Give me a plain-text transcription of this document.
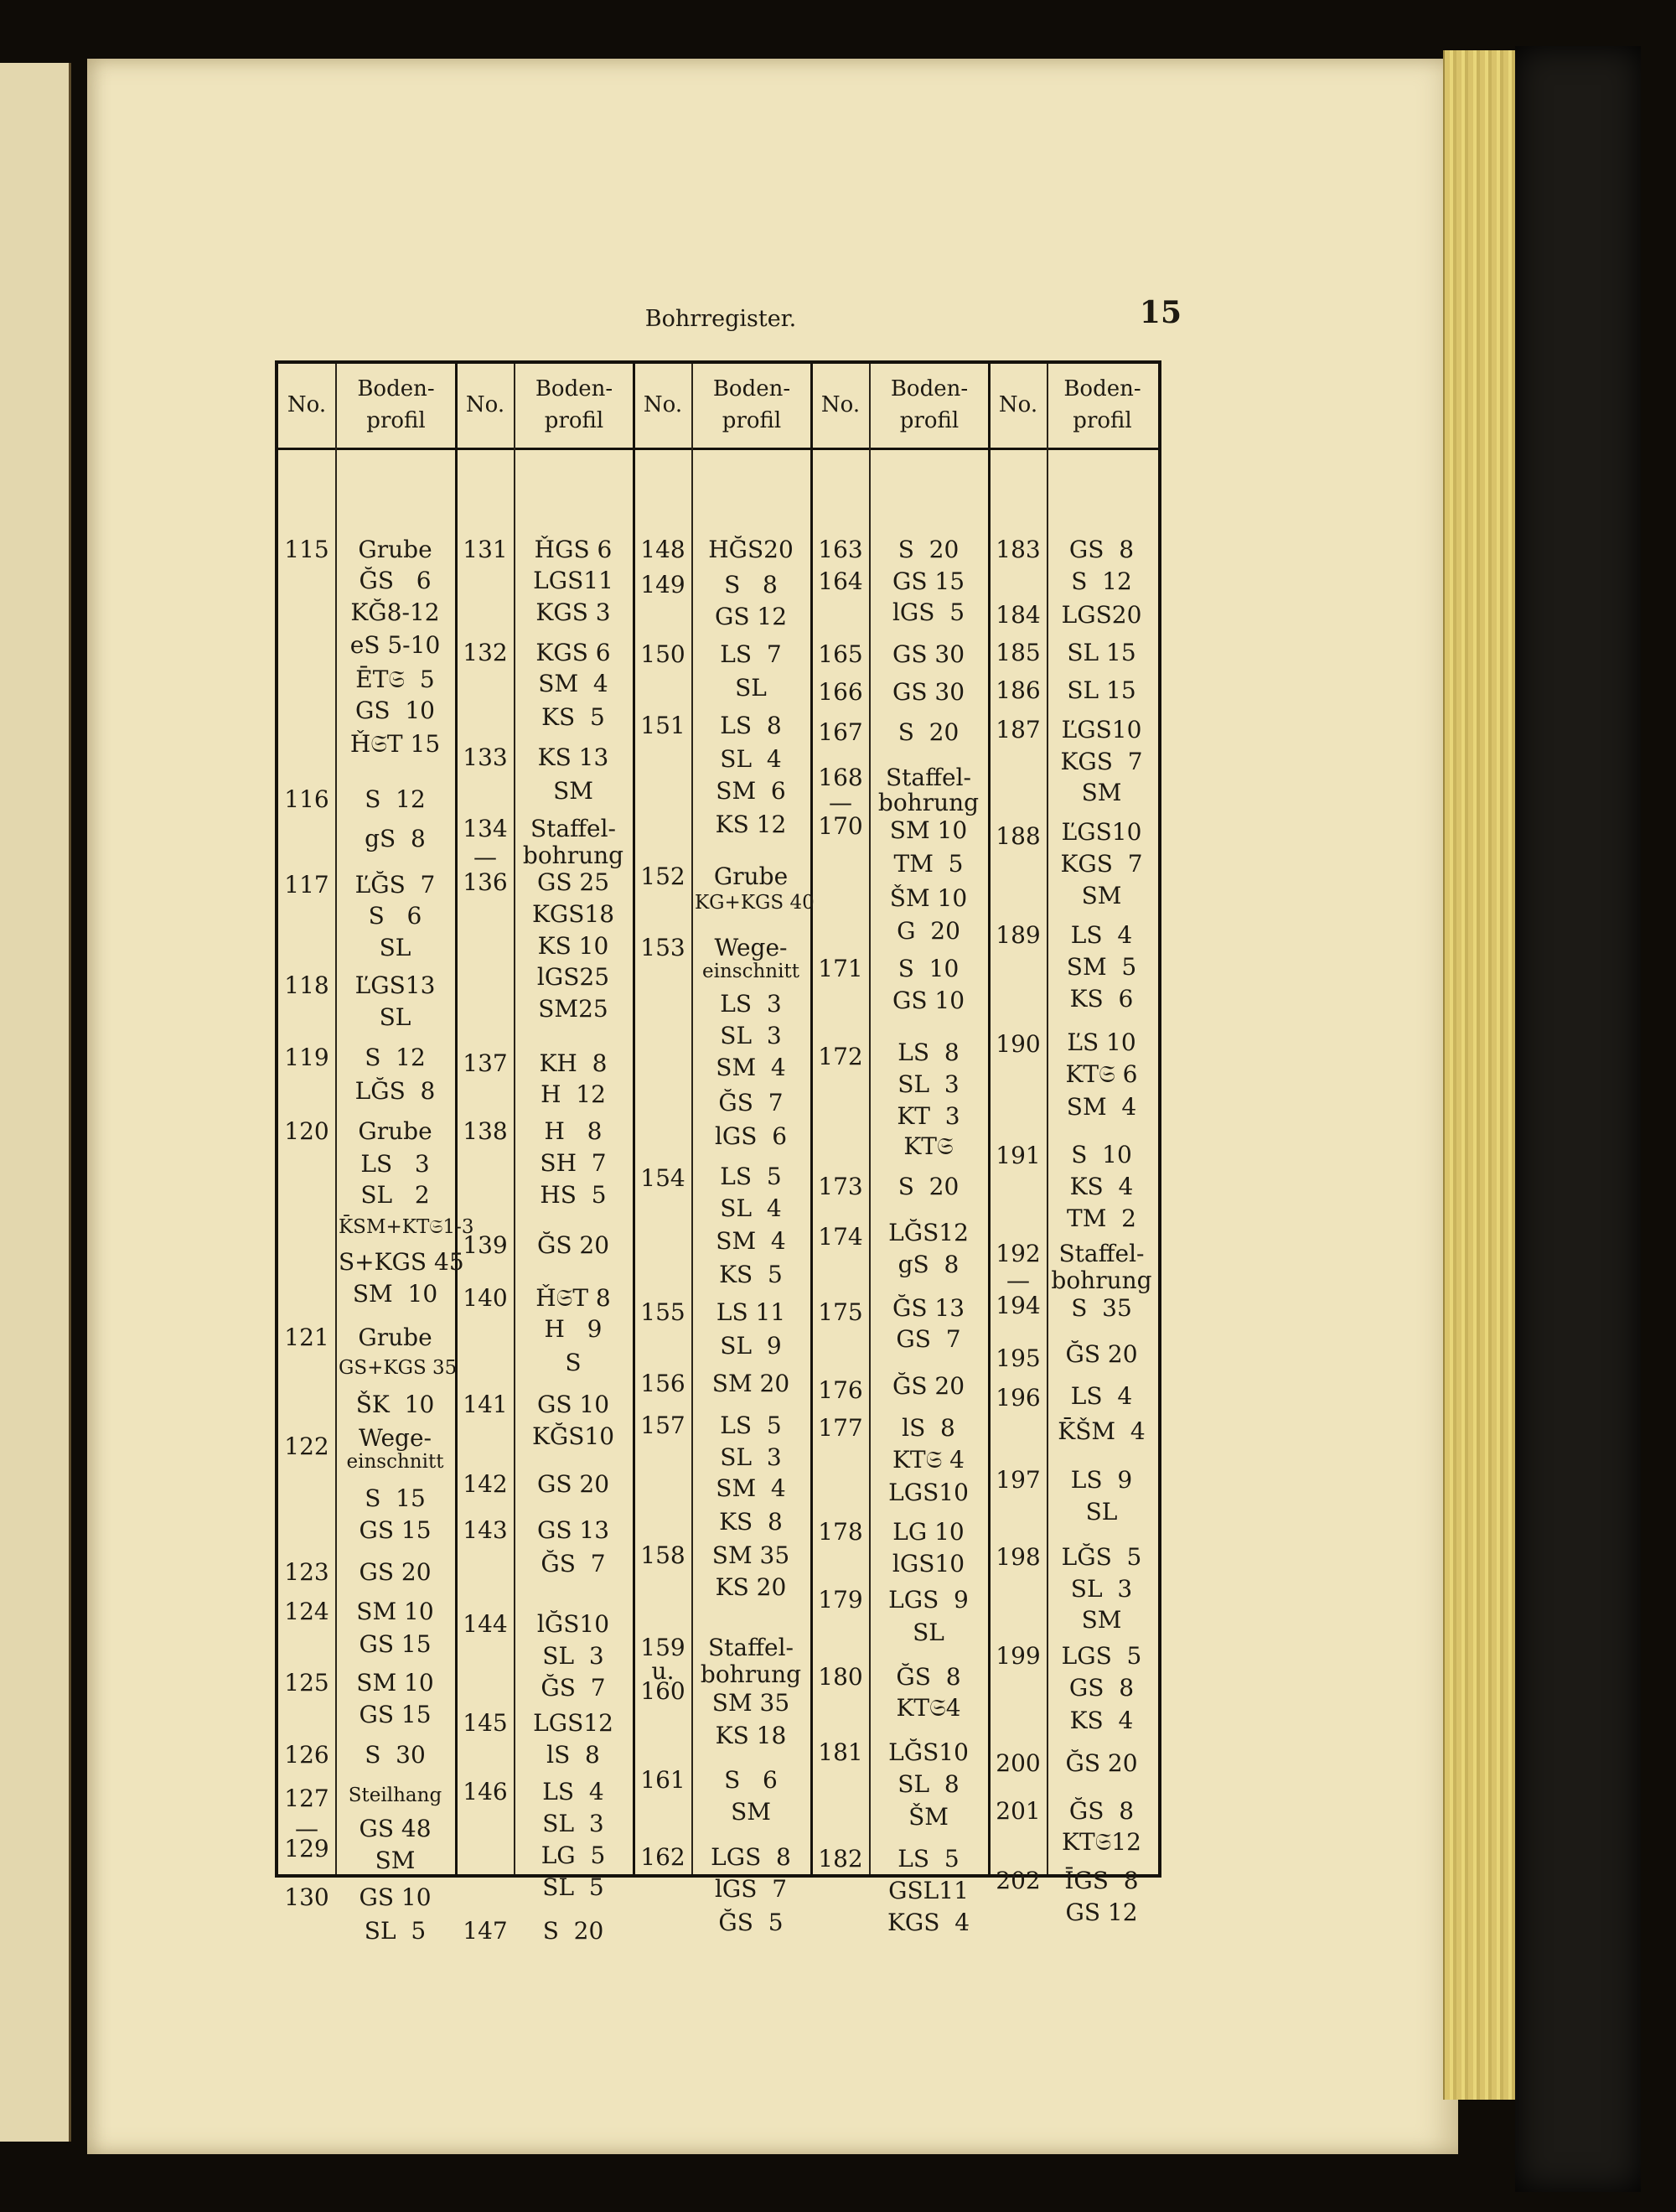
Bohrregister.	15
No.
Boden-
profil
115
116
117
118
119
120
121
122
123
124
125
126
127
—
129
130
Grube
ĞS   6
KĞ8-12
eS 5-10
ĒT𝔖  5
GS  10
Ȟ𝔖T 15
S  12
gS  8
ĽĞS  7
S   6
SL
ĽGS13
SL
S  12
LĞS  8
Grube
LS   3
SL   2
K̄SM+KT𝔖1-3
S+KGS 45
SM  10
Grube
GS+KGS 35
ŠK  10
Wege-
einschnitt
S  15
GS 15
GS 20
SM 10
GS 15
SM 10
GS 15
S  30
Steilhang
GS 48
SM
GS 10
SL  5
No.
Boden-
profil
131
132
133
134
—
136
137
138
139
140
141
142
143
144
145
146
147
ȞGS 6
LGS11
KGS 3
KGS 6
SM  4
KS  5
KS 13
SM
Staffel-
bohrung
GS 25
KGS18
KS 10
lGS25
SM25
KH  8
H  12
H   8
SH  7
HS  5
ĞS 20
Ȟ𝔖T 8
H   9
S
GS 10
KĞS10
GS 20
GS 13
ĞS  7
lĞS10
SL  3
ĞS  7
LGS12
lS  8
LS  4
SL  3
LG  5
SL  5
S  20
No.
Boden-
profil
148
149
150
151
152
153
154
155
156
157
158
159
u.
160
161
162
HĞS20
S   8
GS 12
LS  7
SL
LS  8
SL  4
SM  6
KS 12
Grube
KG+KGS 40
Wege-
einschnitt
LS  3
SL  3
SM  4
ĞS  7
lGS  6
LS  5
SL  4
SM  4
KS  5
LS 11
SL  9
SM 20
LS  5
SL  3
SM  4
KS  8
SM 35
KS 20
Staffel-
bohrung
SM 35
KS 18
S   6
SM
LGS  8
lGS  7
ĞS  5
No.
Boden-
profil
163
164
165
166
167
168
—
170
171
172
173
174
175
176
177
178
179
180
181
182
S  20
GS 15
lGS  5
GS 30
GS 30
S  20
Staffel-
bohrung
SM 10
TM  5
ŠM 10
G  20
S  10
GS 10
LS  8
SL  3
KT  3
KT𝔖
S  20
LĞS12
gS  8
ĞS 13
GS  7
ĞS 20
lS  8
KT𝔖 4
LGS10
LG 10
lGS10
LGS  9
SL
ĞS  8
KT𝔖4
LĞS10
SL  8
ŠM
LS  5
GSL11
KGS  4
No.
Boden-
profil
183
184
185
186
187
188
189
190
191
192
—
194
195
196
197
198
199
200
201
202
GS  8
S  12
LGS20
SL 15
SL 15
ĽGS10
KGS  7
SM
ĽGS10
KGS  7
SM
LS  4
SM  5
KS  6
ĽS 10
KT𝔖 6
SM  4
S  10
KS  4
TM  2
Staffel-
bohrung
S  35
ĞS 20
LS  4
K̄ŠM  4
LS  9
SL
LĞS  5
SL  3
SM
LGS  5
GS  8
KS  4
ĞS 20
ĞS  8
KT𝔖12
ĪGS  8
GS 12
